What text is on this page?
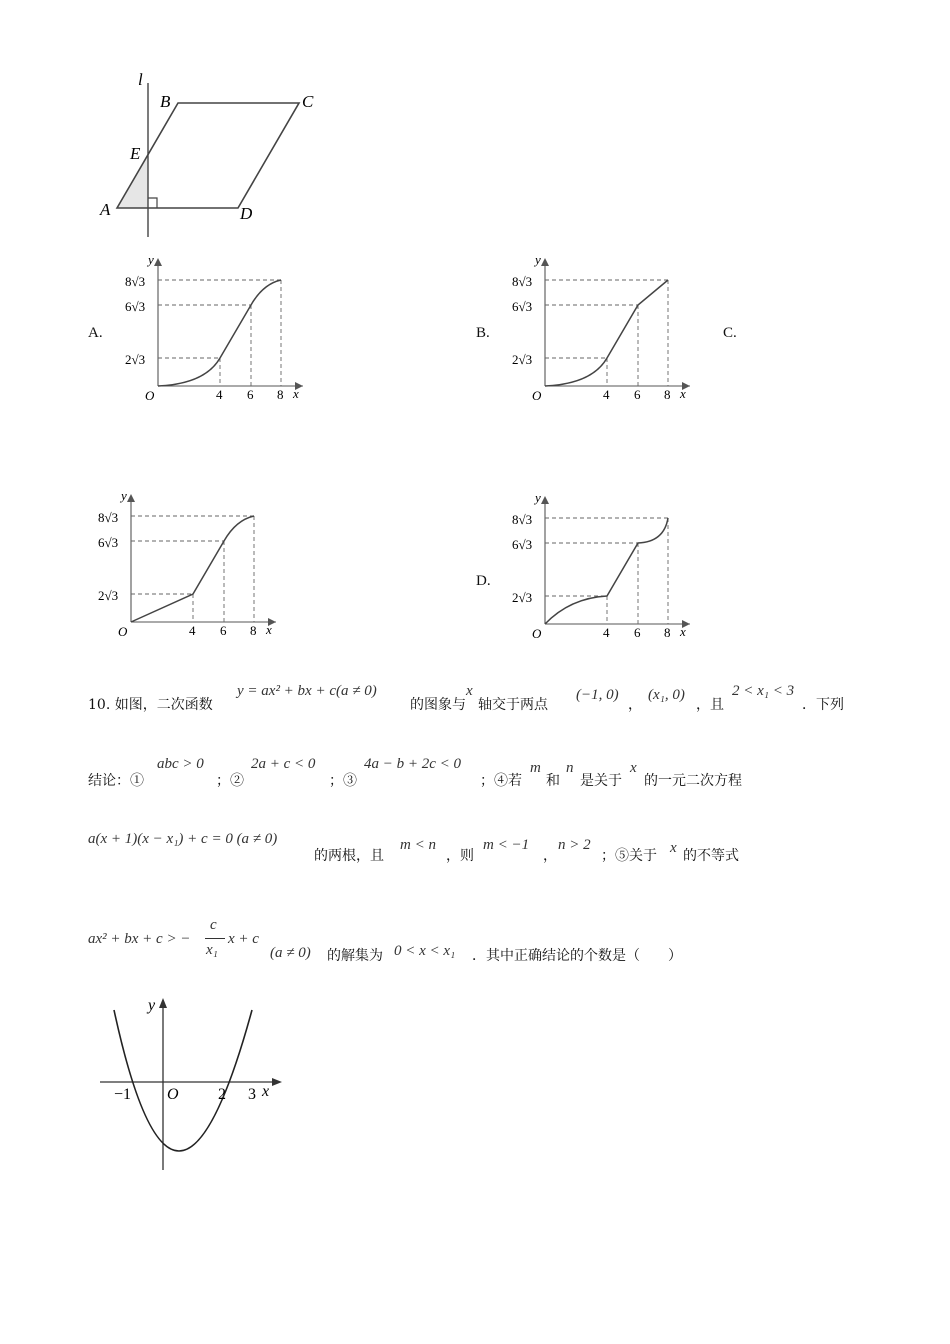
l
B	C
E
A	D
A.	B.	C.
D.
8√3
6√3
2√3
4 6 8
O	x
y
8√3
6√3
2√3
4 6 8
O	x
y
8√3
6√3
2√3
4 6 8
O	x
y
8√3
6√3
2√3
4 6 8
O	x
y
10. 如图，二次函数
y = ax² + bx + c(a ≠ 0)
的图象与
x
轴交于两点
(−1, 0)
，
(x₁, 0)
，且
2 < x₁ < 3
．下列
结论：①
abc > 0
；②
2a + c < 0
；③
4a − b + 2c < 0
；④若
m
和
n
是关于
x
的一元二次方程
a(x + 1)(x − x₁) + c = 0 (a ≠ 0)
的两根，且
m < n
，则
m < −1
，
n > 2
；⑤关于 x 的不等式
ax² + bx + c > −
c
x₁
x + c
(a ≠ 0) 的解集为 0 < x < x₁ ．其中正确结论的个数是（　　）
−1	2 3
O	x
y
